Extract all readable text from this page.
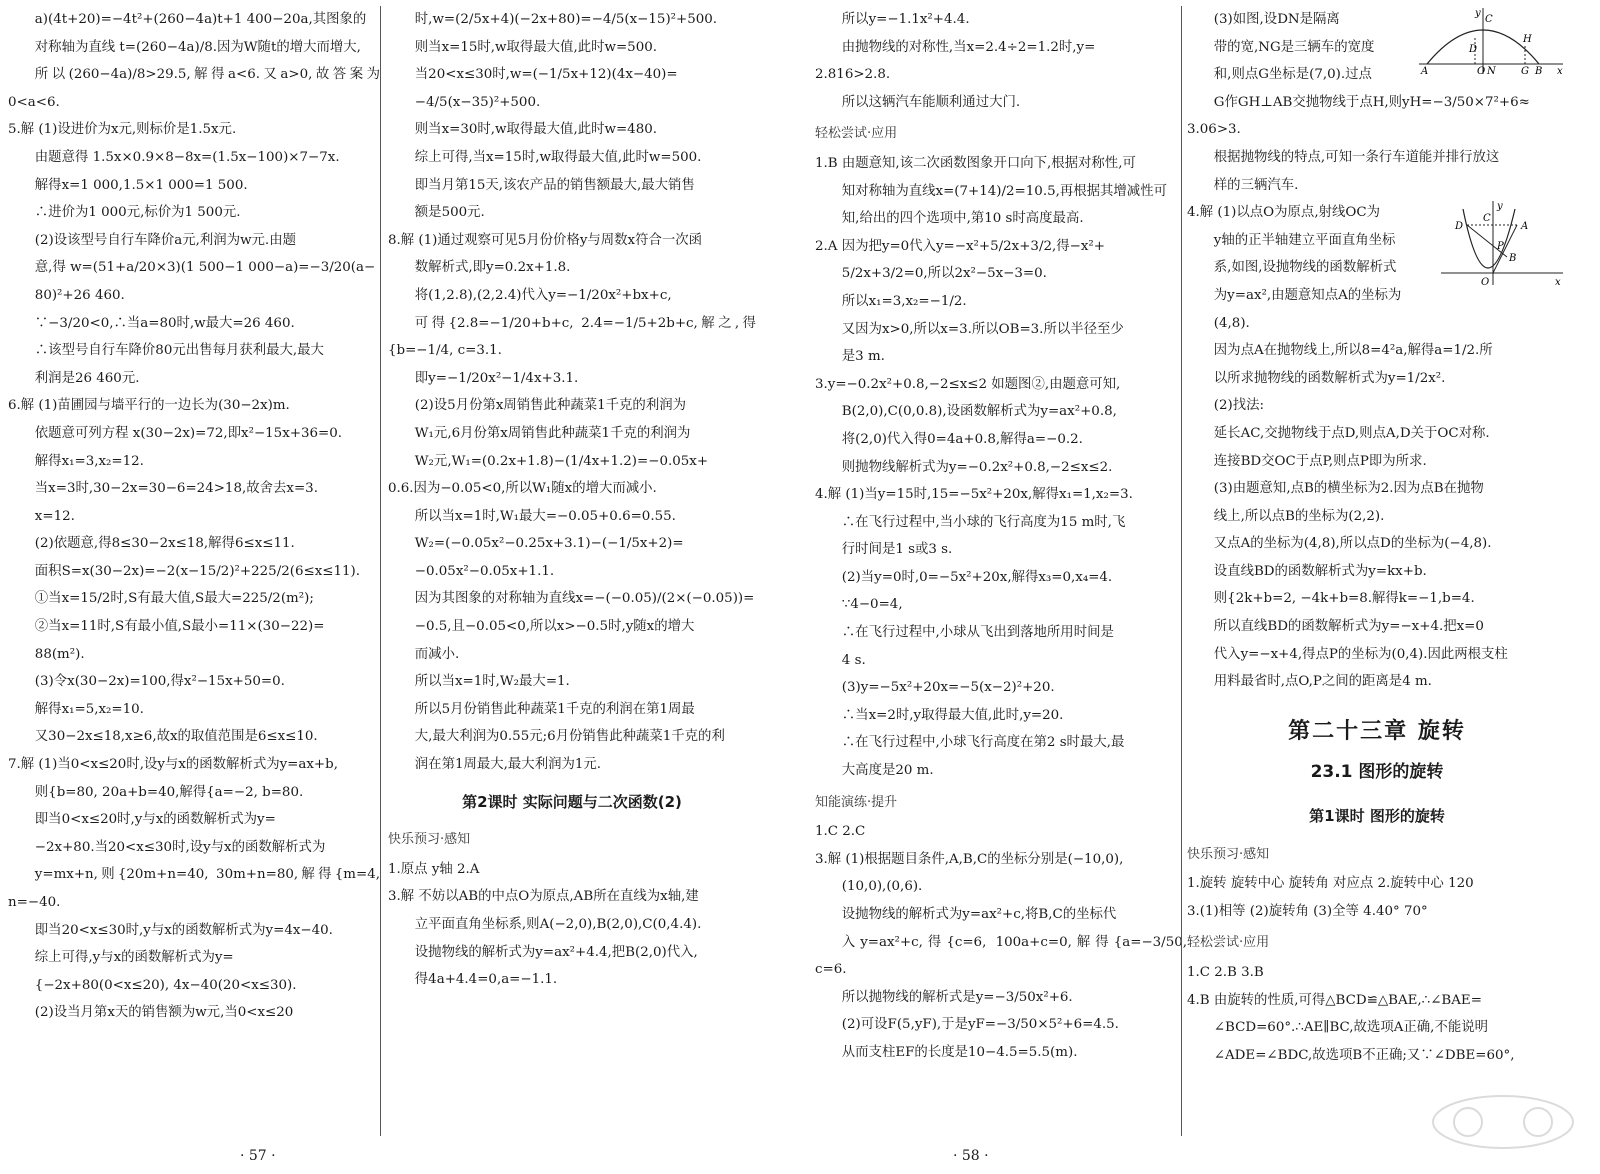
a)(4t+20)=−4t²+(260−4a)t+1 400−20a,其图象的

对称轴为直线 t=(260−4a)/8.因为W随t的增大而增大,

所以(260−4a)/8>29.5,解得a<6.又a>0,故答案为0<a<6.

5.解 (1)设进价为x元,则标价是1.5x元.

由题意得 1.5x×0.9×8−8x=(1.5x−100)×7−7x.

解得x=1 000,1.5×1 000=1 500.

∴进价为1 000元,标价为1 500元.

(2)设该型号自行车降价a元,利润为w元.由题

意,得 w=(51+a/20×3)(1 500−1 000−a)=−3/20(a−

80)²+26 460.

∵−3/20<0,∴当a=80时,w最大=26 460.

∴该型号自行车降价80元出售每月获利最大,最大

利润是26 460元.

6.解 (1)苗圃园与墙平行的一边长为(30−2x)m.

依题意可列方程 x(30−2x)=72,即x²−15x+36=0.

解得x₁=3,x₂=12.

当x=3时,30−2x=30−6=24>18,故舍去x=3.

x=12.

(2)依题意,得8≤30−2x≤18,解得6≤x≤11.

面积S=x(30−2x)=−2(x−15/2)²+225/2(6≤x≤11).

①当x=15/2时,S有最大值,S最大=225/2(m²);

②当x=11时,S有最小值,S最小=11×(30−22)=

88(m²).

(3)令x(30−2x)=100,得x²−15x+50=0.

解得x₁=5,x₂=10.

又30−2x≤18,x≥6,故x的取值范围是6≤x≤10.

7.解 (1)当0<x≤20时,设y与x的函数解析式为y=ax+b,

则{b=80, 20a+b=40,解得{a=−2, b=80.

即当0<x≤20时,y与x的函数解析式为y=

−2x+80.当20<x≤30时,设y与x的函数解析式为

y=mx+n,则{20m+n=40, 30m+n=80,解得{m=4, n=−40.

即当20<x≤30时,y与x的函数解析式为y=4x−40.

综上可得,y与x的函数解析式为y=

{−2x+80(0<x≤20), 4x−40(20<x≤30).

(2)设当月第x天的销售额为w元,当0<x≤20

时,w=(2/5x+4)(−2x+80)=−4/5(x−15)²+500.

则当x=15时,w取得最大值,此时w=500.

当20<x≤30时,w=(−1/5x+12)(4x−40)=

−4/5(x−35)²+500.

则当x=30时,w取得最大值,此时w=480.

综上可得,当x=15时,w取得最大值,此时w=500.

即当月第15天,该农产品的销售额最大,最大销售

额是500元.

8.解 (1)通过观察可见5月份价格y与周数x符合一次函

数解析式,即y=0.2x+1.8.

将(1,2.8),(2,2.4)代入y=−1/20x²+bx+c,

可得{2.8=−1/20+b+c, 2.4=−1/5+2b+c,解之,得{b=−1/4, c=3.1.

即y=−1/20x²−1/4x+3.1.

(2)设5月份第x周销售此种蔬菜1千克的利润为

W₁元,6月份第x周销售此种蔬菜1千克的利润为

W₂元,W₁=(0.2x+1.8)−(1/4x+1.2)=−0.05x+

0.6.因为−0.05<0,所以W₁随x的增大而减小.

所以当x=1时,W₁最大=−0.05+0.6=0.55.

W₂=(−0.05x²−0.25x+3.1)−(−1/5x+2)=

−0.05x²−0.05x+1.1.

因为其图象的对称轴为直线x=−(−0.05)/(2×(−0.05))=

−0.5,且−0.05<0,所以x>−0.5时,y随x的增大

而减小.

所以当x=1时,W₂最大=1.

所以5月份销售此种蔬菜1千克的利润在第1周最

大,最大利润为0.55元;6月份销售此种蔬菜1千克的利

润在第1周最大,最大利润为1元.

第2课时 实际问题与二次函数(2)
快乐预习·感知

1.原点 y轴 2.A

3.解 不妨以AB的中点O为原点,AB所在直线为x轴,建

立平面直角坐标系,则A(−2,0),B(2,0),C(0,4.4).

设抛物线的解析式为y=ax²+4.4,把B(2,0)代入,

得4a+4.4=0,a=−1.1.

· 57 ·

所以y=−1.1x²+4.4.

由抛物线的对称性,当x=2.4÷2=1.2时,y=

2.816>2.8.

所以这辆汽车能顺利通过大门.

轻松尝试·应用

1.B 由题意知,该二次函数图象开口向下,根据对称性,可

知对称轴为直线x=(7+14)/2=10.5,再根据其增减性可

知,给出的四个选项中,第10 s时高度最高.

2.A 因为把y=0代入y=−x²+5/2x+3/2,得−x²+

5/2x+3/2=0,所以2x²−5x−3=0.

所以x₁=3,x₂=−1/2.

又因为x>0,所以x=3.所以OB=3.所以半径至少

是3 m.

3.y=−0.2x²+0.8,−2≤x≤2 如题图②,由题意可知,

B(2,0),C(0,0.8),设函数解析式为y=ax²+0.8,

将(2,0)代入得0=4a+0.8,解得a=−0.2.

则抛物线解析式为y=−0.2x²+0.8,−2≤x≤2.

4.解 (1)当y=15时,15=−5x²+20x,解得x₁=1,x₂=3.

∴在飞行过程中,当小球的飞行高度为15 m时,飞

行时间是1 s或3 s.

(2)当y=0时,0=−5x²+20x,解得x₃=0,x₄=4.

∵4−0=4,

∴在飞行过程中,小球从飞出到落地所用时间是

4 s.

(3)y=−5x²+20x=−5(x−2)²+20.

∴当x=2时,y取得最大值,此时,y=20.

∴在飞行过程中,小球飞行高度在第2 s时最大,最

大高度是20 m.

知能演练·提升

1.C 2.C

3.解 (1)根据题目条件,A,B,C的坐标分别是(−10,0),

(10,0),(0,6).

设抛物线的解析式为y=ax²+c,将B,C的坐标代

入y=ax²+c,得{c=6, 100a+c=0,解得{a=−3/50, c=6.

所以抛物线的解析式是y=−3/50x²+6.

(2)可设F(5,yF),于是yF=−3/50×5²+6=4.5.

从而支柱EF的长度是10−4.5=5.5(m).

y
C
H
D
A	O N	G B x

(3)如图,设DN是隔离

带的宽,NG是三辆车的宽度

和,则点G坐标是(7,0).过点

G作GH⊥AB交抛物线于点H,则yH=−3/50×7²+6≈

3.06>3.

根据抛物线的特点,可知一条行车道能并排行放这

样的三辆汽车.

y
C
A
D
P
B
O	x

4.解 (1)以点O为原点,射线OC为

y轴的正半轴建立平面直角坐标

系,如图,设抛物线的函数解析式

为y=ax²,由题意知点A的坐标为

(4,8).

因为点A在抛物线上,所以8=4²a,解得a=1/2.所

以所求抛物线的函数解析式为y=1/2x².

(2)找法:

延长AC,交抛物线于点D,则点A,D关于OC对称.

连接BD交OC于点P,则点P即为所求.

(3)由题意知,点B的横坐标为2.因为点B在抛物

线上,所以点B的坐标为(2,2).

又点A的坐标为(4,8),所以点D的坐标为(−4,8).

设直线BD的函数解析式为y=kx+b.

则{2k+b=2, −4k+b=8.解得k=−1,b=4.

所以直线BD的函数解析式为y=−x+4.把x=0

代入y=−x+4,得点P的坐标为(0,4).因此两根支柱

用料最省时,点O,P之间的距离是4 m.

第二十三章 旋转
23.1 图形的旋转
第1课时 图形的旋转
快乐预习·感知

1.旋转 旋转中心 旋转角 对应点 2.旋转中心 120

3.(1)相等 (2)旋转角 (3)全等 4.40° 70°

轻松尝试·应用

1.C 2.B 3.B

4.B 由旋转的性质,可得△BCD≌△BAE,∴∠BAE=

∠BCD=60°.∴AE∥BC,故选项A正确,不能说明

∠ADE=∠BDC,故选项B不正确;又∵∠DBE=60°,

· 58 ·
